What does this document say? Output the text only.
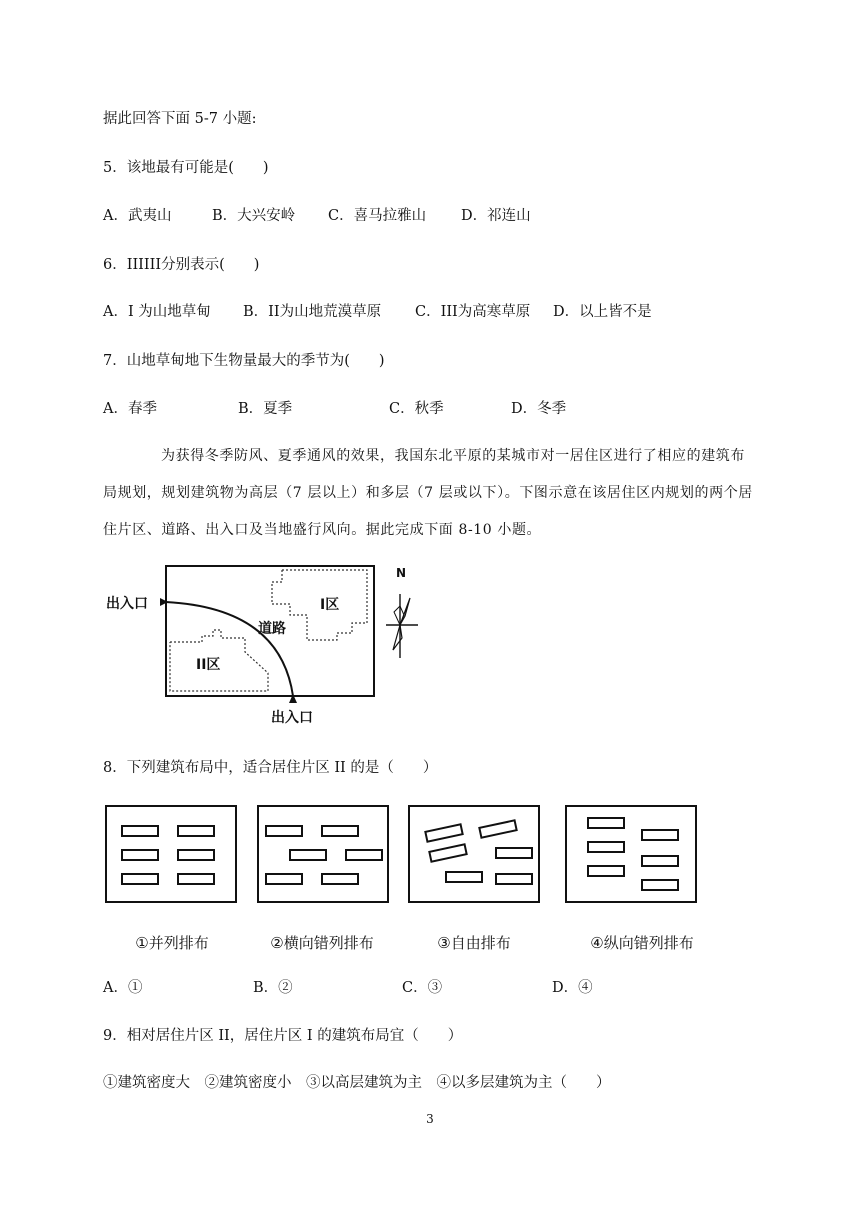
据此回答下面 5-7 小题:
5．该地最有可能是(　　)
A．武夷山	B．大兴安岭 C．喜马拉雅山 D．祁连山
6．IIIIII分别表示(　　)
A．I 为山地草甸 B．II为山地荒漠草原 C．III为高寒草原 D．以上皆不是
7．山地草甸地下生物量最大的季节为(　　)
A．春季	B．夏季	C．秋季	D．冬季
为获得冬季防风、夏季通风的效果，我国东北平原的某城市对一居住区进行了相应的建筑布局规划，规划建筑物为高层（7 层以上）和多层（7 层或以下）。下图示意在该居住区内规划的两个居住片区、道路、出入口及当地盛行风向。据此完成下面 8-10 小题。
出入口
出入口
I区
II区
道路
N
8．下列建筑布局中，适合居住片区 II 的是（　　）
①并列排布	②横向错列排布	③自由排布	④纵向错列排布
A．①	B．②	C．③	D．④
9．相对居住片区 II，居住片区 I 的建筑布局宜（　　）
①建筑密度大　②建筑密度小　③以高层建筑为主　④以多层建筑为主（　　）
3
